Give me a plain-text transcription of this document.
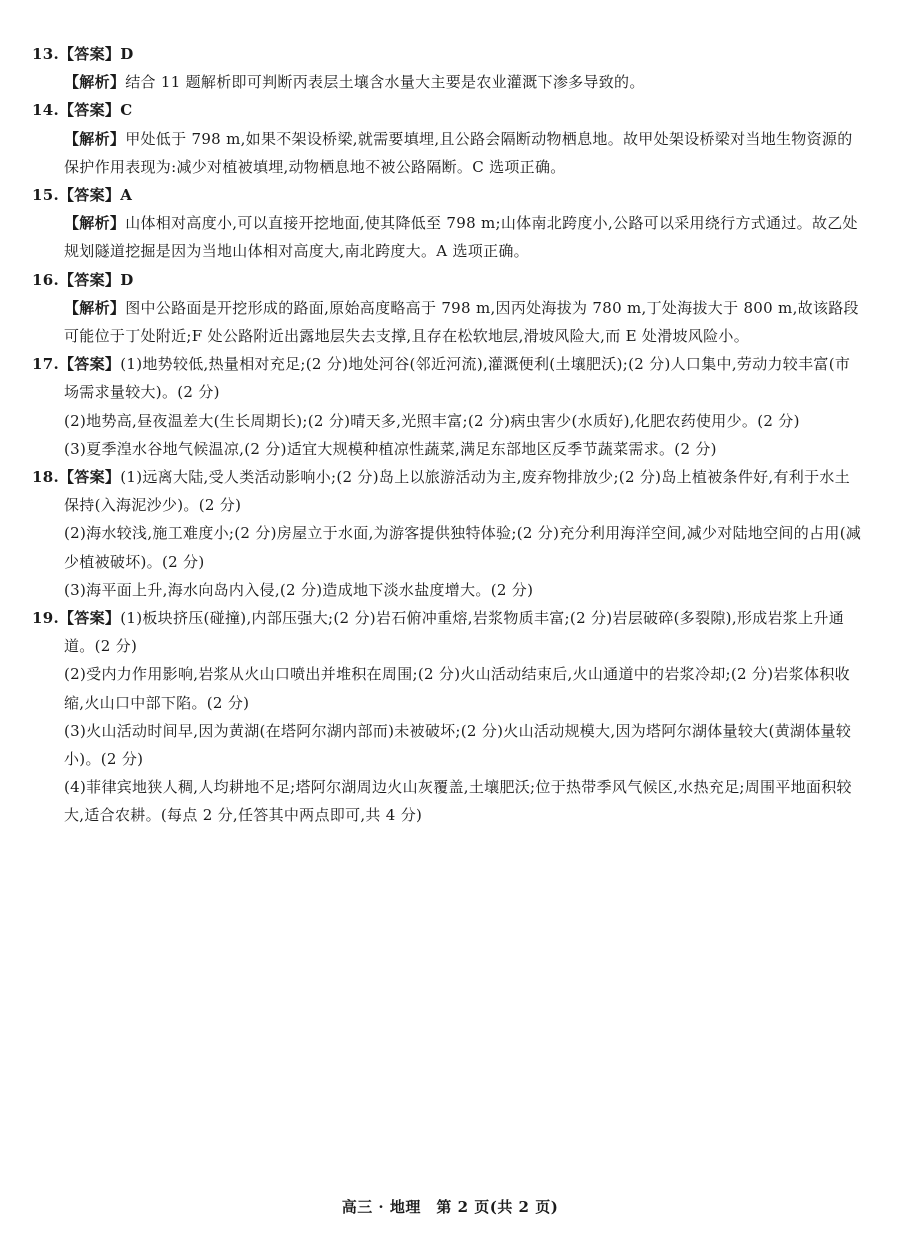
13.【答案】D

【解析】结合 11 题解析即可判断丙表层土壤含水量大主要是农业灌溉下渗多导致的。

14.【答案】C

【解析】甲处低于 798 m,如果不架设桥梁,就需要填埋,且公路会隔断动物栖息地。故甲处架设桥梁对当地生物资源的保护作用表现为:减少对植被填埋,动物栖息地不被公路隔断。C 选项正确。

15.【答案】A

【解析】山体相对高度小,可以直接开挖地面,使其降低至 798 m;山体南北跨度小,公路可以采用绕行方式通过。故乙处规划隧道挖掘是因为当地山体相对高度大,南北跨度大。A 选项正确。

16.【答案】D

【解析】图中公路面是开挖形成的路面,原始高度略高于 798 m,因丙处海拔为 780 m,丁处海拔大于 800 m,故该路段可能位于丁处附近;F 处公路附近出露地层失去支撑,且存在松软地层,滑坡风险大,而 E 处滑坡风险小。

17.【答案】(1)地势较低,热量相对充足;(2 分)地处河谷(邻近河流),灌溉便利(土壤肥沃);(2 分)人口集中,劳动力较丰富(市场需求量较大)。(2 分)

(2)地势高,昼夜温差大(生长周期长);(2 分)晴天多,光照丰富;(2 分)病虫害少(水质好),化肥农药使用少。(2 分)

(3)夏季湟水谷地气候温凉,(2 分)适宜大规模种植凉性蔬菜,满足东部地区反季节蔬菜需求。(2 分)

18.【答案】(1)远离大陆,受人类活动影响小;(2 分)岛上以旅游活动为主,废弃物排放少;(2 分)岛上植被条件好,有利于水土保持(入海泥沙少)。(2 分)

(2)海水较浅,施工难度小;(2 分)房屋立于水面,为游客提供独特体验;(2 分)充分利用海洋空间,减少对陆地空间的占用(减少植被破坏)。(2 分)

(3)海平面上升,海水向岛内入侵,(2 分)造成地下淡水盐度增大。(2 分)

19.【答案】(1)板块挤压(碰撞),内部压强大;(2 分)岩石俯冲重熔,岩浆物质丰富;(2 分)岩层破碎(多裂隙),形成岩浆上升通道。(2 分)

(2)受内力作用影响,岩浆从火山口喷出并堆积在周围;(2 分)火山活动结束后,火山通道中的岩浆冷却;(2 分)岩浆体积收缩,火山口中部下陷。(2 分)

(3)火山活动时间早,因为黄湖(在塔阿尔湖内部而)未被破坏;(2 分)火山活动规模大,因为塔阿尔湖体量较大(黄湖体量较小)。(2 分)

(4)菲律宾地狭人稠,人均耕地不足;塔阿尔湖周边火山灰覆盖,土壤肥沃;位于热带季风气候区,水热充足;周围平地面积较大,适合农耕。(每点 2 分,任答其中两点即可,共 4 分)

高三 · 地理　第 2 页(共 2 页)
